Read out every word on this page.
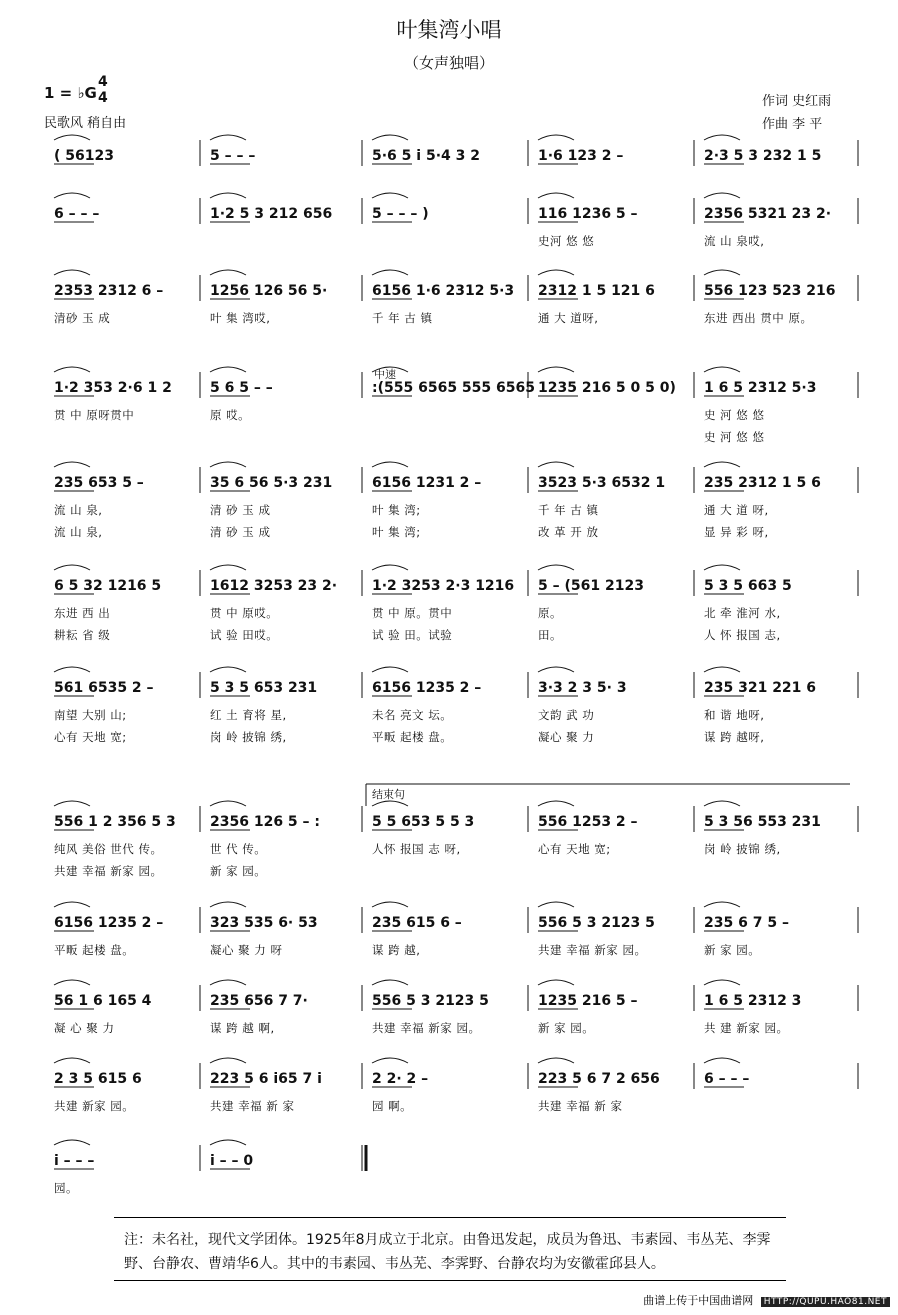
叶集湾小唱
（女声独唱）
1 = ♭G
4
4
民歌风 稍自由
作词 史红雨
作曲 李 平
( 56123	5 – – –	5·6 5 i 5·4 3 2	1·6 123 2 –	2·3 5 3 232 1 5
6 – – –	1·2 5 3 212 656	5 – – – )	116 1236 5 –
史河 悠 悠
2356 5321 23 2·
流 山 泉哎,
2353 2312 6 –
清砂 玉 成
1256 126 56 5·
叶 集 湾哎,
6156 1·6 2312 5·3
千 年 古 镇
2312 1 5 121 6
通 大 道呀,
556 123 523 216
东进 西出 贯中 原。
中速
1·2 353 2·6 1 2
贯 中 原呀贯中
5 6 5 – –
原 哎。
:(555 6565 555 6565 1235 216 5 0 5 0) 1 6 5 2312 5·3
史 河 悠 悠
史 河 悠 悠
235 653 5 –
流 山 泉,
流 山 泉,
35 6 56 5·3 231
清 砂 玉 成
清 砂 玉 成
6156 1231 2 –
叶 集 湾;
叶 集 湾;
3523 5·3 6532 1
千 年 古 镇
改 革 开 放
235 2312 1 5 6
通 大 道 呀,
显 异 彩 呀,
6 5 32 1216 5
东进 西 出
耕耘 省 级
1612 3253 23 2·
贯 中 原哎。
试 验 田哎。
1·2 3253 2·3 1216
贯 中 原。贯中
试 验 田。试验
5 – (561 2123
原。
田。
5 3 5 663 5
北 牵 淮河 水,
人 怀 报国 志,
561 6535 2 –
南望 大别 山;
心有 天地 宽;
5 3 5 653 231
红 土 育将 星,
岗 岭 披锦 绣,
6156 1235 2 –
未名 亮文 坛。
平畈 起楼 盘。
3·3 2 3 5· 3
文韵 武 功
凝心 聚 力
235 321 221 6
和 谐 地呀,
谋 跨 越呀,
结束句
556 1 2 356 5 3
纯风 美俗 世代 传。
共建 幸福 新家 园。
2356 126 5 – :
世 代 传。
新 家 园。
5 5 653 5 5 3
人怀 报国 志 呀,
556 1253 2 –
心有 天地 宽;
5 3 56 553 231
岗 岭 披锦 绣,
6156 1235 2 –
平畈 起楼 盘。
323 535 6· 53
凝心 聚 力 呀
235 615 6 –
谋 跨 越,
556 5 3 2123 5
共建 幸福 新家 园。
235 6 7 5 –
新 家 园。
56 1 6 165 4
凝 心 聚 力
235 656 7 7·
谋 跨 越 啊,
556 5 3 2123 5
共建 幸福 新家 园。
1235 216 5 –
新 家 园。
1 6 5 2312 3
共 建 新家 园。
2 3 5 615 6
共建 新家 园。
223 5 6 i65 7 i
共建 幸福 新 家
2 2· 2 –
园 啊。
223 5 6 7 2 656
共建 幸福 新 家
6 – – –
i – – –
园。
i – – 0
注：未名社，现代文学团体。1925年8月成立于北京。由鲁迅发起，成员为鲁迅、韦素园、韦丛芜、李霁野、台静农、曹靖华6人。其中的韦素园、韦丛芜、李霁野、台静农均为安徽霍邱县人。
曲谱上传于中国曲谱网 HTTP://QUPU.HAO81.NET
